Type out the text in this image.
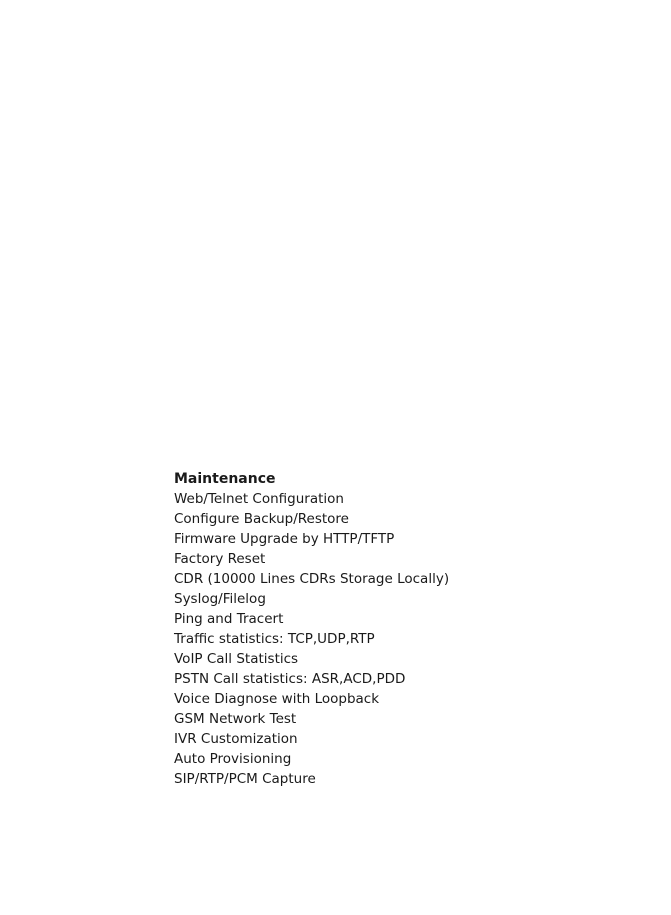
Maintenance
Web/Telnet Configuration
Configure Backup/Restore
Firmware Upgrade by HTTP/TFTP
Factory Reset
CDR (10000 Lines CDRs Storage Locally)
Syslog/Filelog
Ping and Tracert
Traffic statistics: TCP,UDP,RTP
VoIP Call Statistics
PSTN Call statistics: ASR,ACD,PDD
Voice Diagnose with Loopback
GSM Network Test
IVR Customization
Auto Provisioning
SIP/RTP/PCM Capture
